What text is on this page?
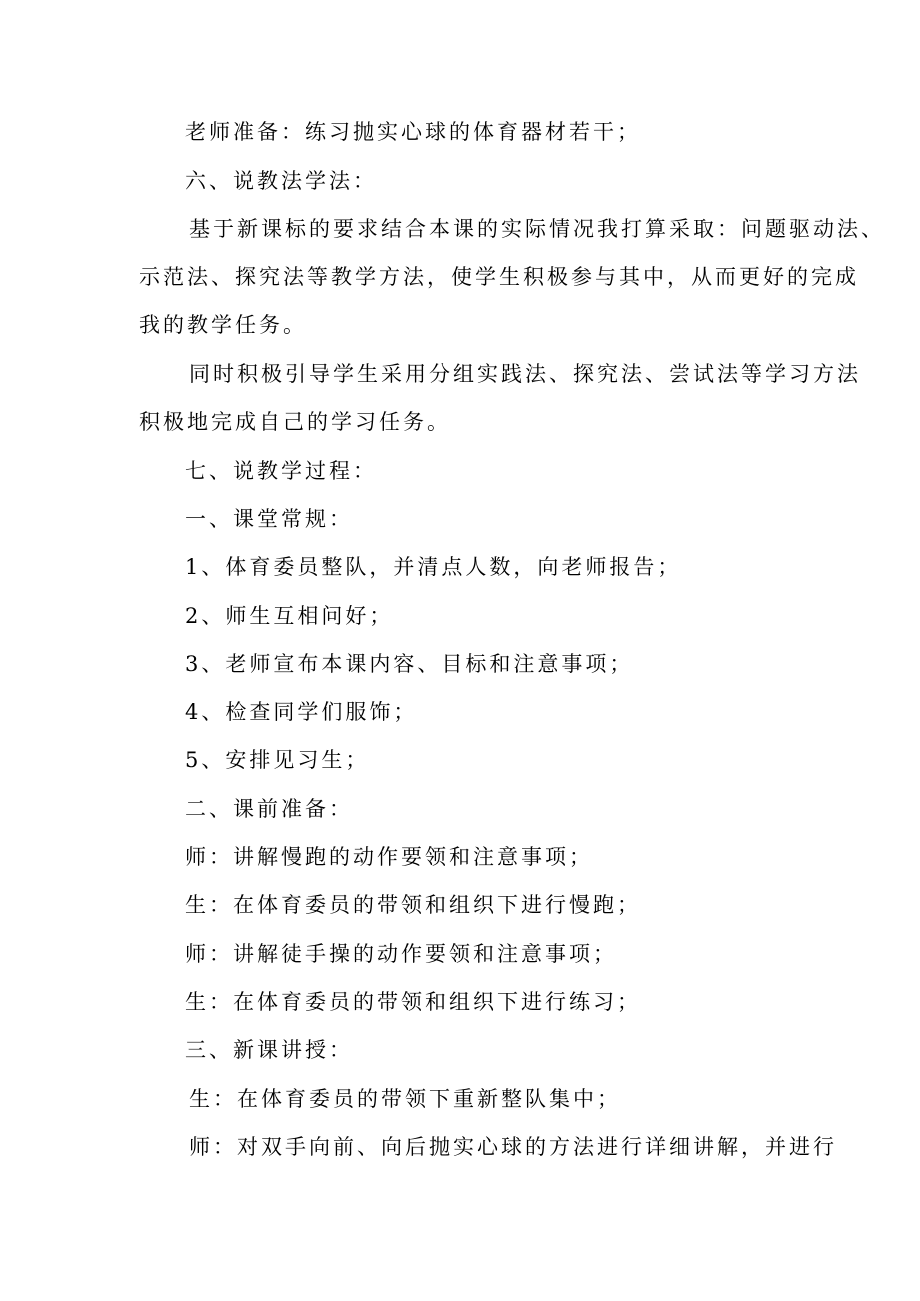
老师准备：练习抛实心球的体育器材若干；
六、说教法学法：
基于新课标的要求结合本课的实际情况我打算采取：问题驱动法、
示范法、探究法等教学方法，使学生积极参与其中，从而更好的完成
我的教学任务。
同时积极引导学生采用分组实践法、探究法、尝试法等学习方法
积极地完成自己的学习任务。
七、说教学过程：
一、课堂常规：
1、体育委员整队，并清点人数，向老师报告；
2、师生互相问好；
3、老师宣布本课内容、目标和注意事项；
4、检查同学们服饰；
5、安排见习生；
二、课前准备：
师：讲解慢跑的动作要领和注意事项；
生：在体育委员的带领和组织下进行慢跑；
师：讲解徒手操的动作要领和注意事项；
生：在体育委员的带领和组织下进行练习；
三、新课讲授：
生：在体育委员的带领下重新整队集中；
师：对双手向前、向后抛实心球的方法进行详细讲解，并进行
